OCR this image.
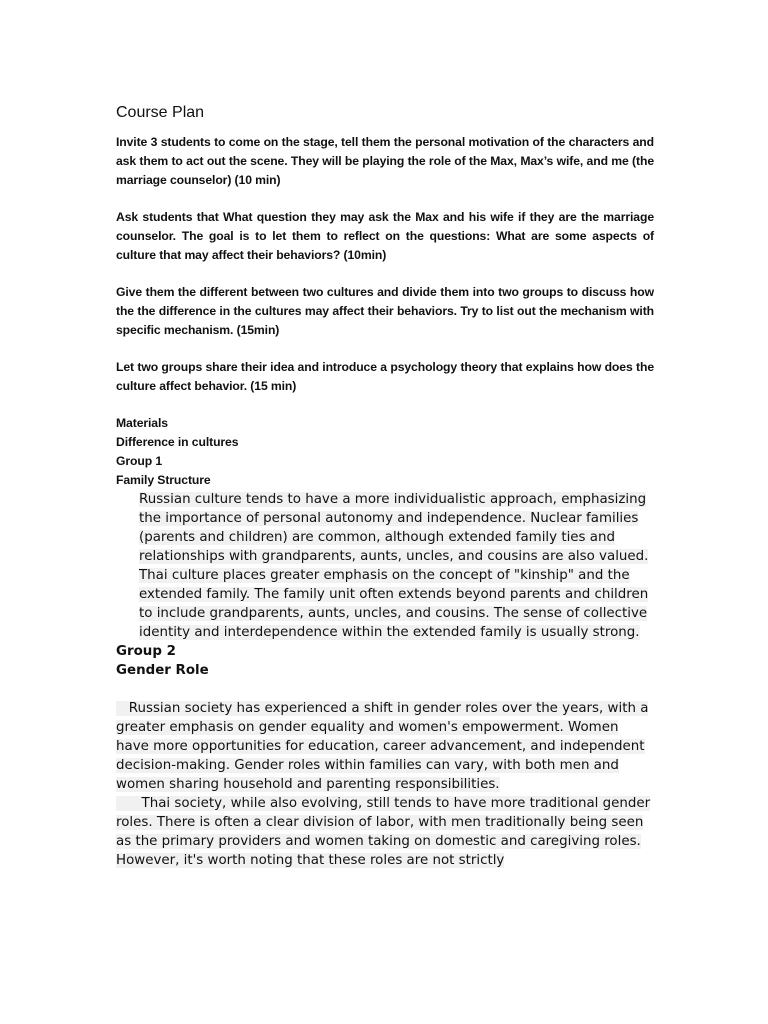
Course Plan

Invite 3 students to come on the stage, tell them the personal motivation of the characters and ask them to act out the scene. They will be playing the role of the Max, Max’s wife, and me (the marriage counselor) (10 min)

Ask students that What question they may ask the Max and his wife if they are the marriage counselor. The goal is to let them to reflect on the questions: What are some aspects of culture that may affect their behaviors? (10min)

Give them the different between two cultures and divide them into two groups to discuss how the the difference in the cultures may affect their behaviors. Try to list out the mechanism with specific mechanism. (15min)

Let two groups share their idea and introduce a psychology theory that explains how does the culture affect behavior. (15 min)

Materials

Difference in cultures

Group 1

Family Structure

Russian culture tends to have a more individualistic approach, emphasizing the importance of personal autonomy and independence. Nuclear families (parents and children) are common, although extended family ties and relationships with grandparents, aunts, uncles, and cousins are also valued.

Thai culture places greater emphasis on the concept of "kinship" and the extended family. The family unit often extends beyond parents and children to include grandparents, aunts, uncles, and cousins. The sense of collective identity and interdependence within the extended family is usually strong.

Group 2

Gender Role

Russian society has experienced a shift in gender roles over the years, with a greater emphasis on gender equality and women's empowerment. Women have more opportunities for education, career advancement, and independent decision-making. Gender roles within families can vary, with both men and women sharing household and parenting responsibilities.

Thai society, while also evolving, still tends to have more traditional gender roles. There is often a clear division of labor, with men traditionally being seen as the primary providers and women taking on domestic and caregiving roles. However, it's worth noting that these roles are not strictly
